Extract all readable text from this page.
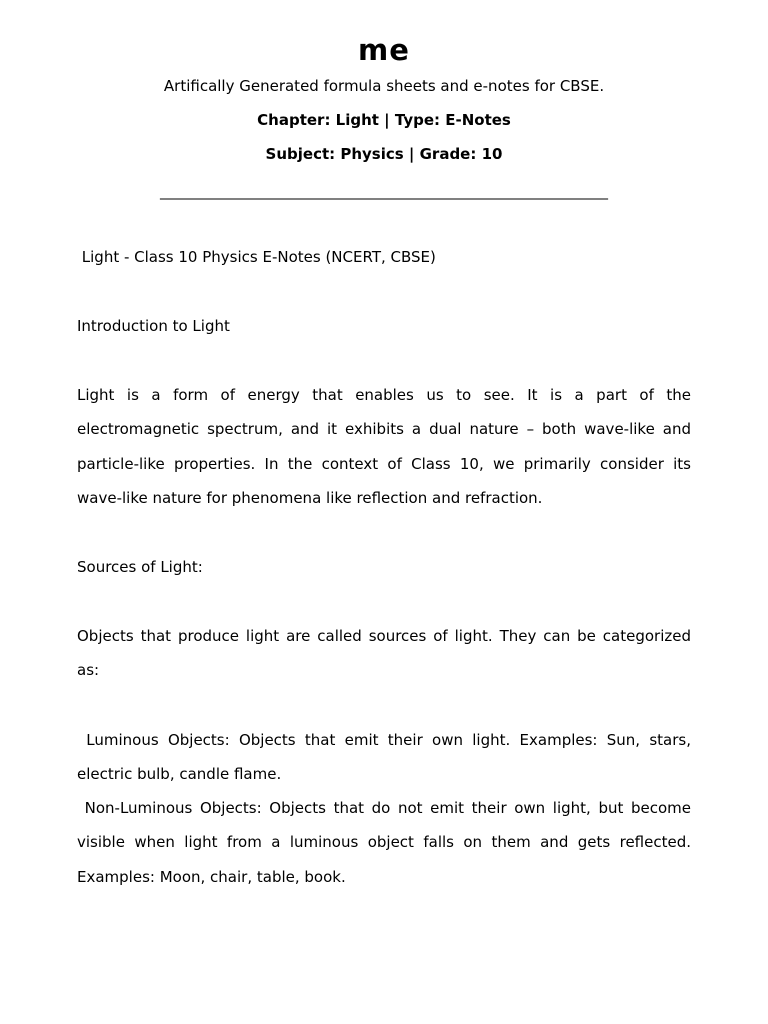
me
Artifically Generated formula sheets and e-notes for CBSE.
Chapter: Light | Type: E-Notes
Subject: Physics | Grade: 10
________________________________________________________________
Light - Class 10 Physics E-Notes (NCERT, CBSE)
Introduction to Light
Light is a form of energy that enables us to see. It is a part of the electromagnetic spectrum, and it exhibits a dual nature – both wave-like and particle-like properties. In the context of Class 10, we primarily consider its wave-like nature for phenomena like reflection and refraction.
Sources of Light:
Objects that produce light are called sources of light. They can be categorized as:
Luminous Objects: Objects that emit their own light. Examples: Sun, stars, electric bulb, candle flame.
Non-Luminous Objects: Objects that do not emit their own light, but become visible when light from a luminous object falls on them and gets reflected. Examples: Moon, chair, table, book.
